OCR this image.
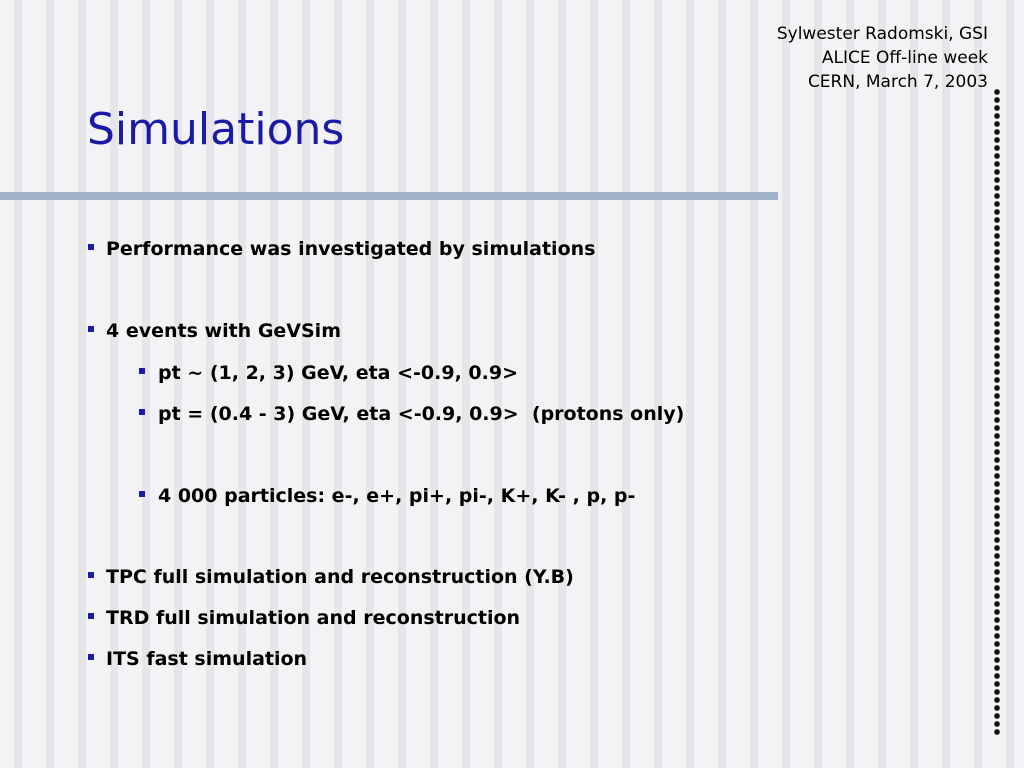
Sylwester Radomski, GSI
ALICE Off-line week
CERN, March 7, 2003
Simulations
Performance was investigated by simulations
4 events with GeVSim
pt ~ (1, 2, 3) GeV, eta <-0.9, 0.9>
pt = (0.4 - 3) GeV, eta <-0.9, 0.9>  (protons only)
4 000 particles: e-, e+, pi+, pi-, K+, K- , p, p-
TPC full simulation and reconstruction (Y.B)
TRD full simulation and reconstruction
ITS fast simulation
